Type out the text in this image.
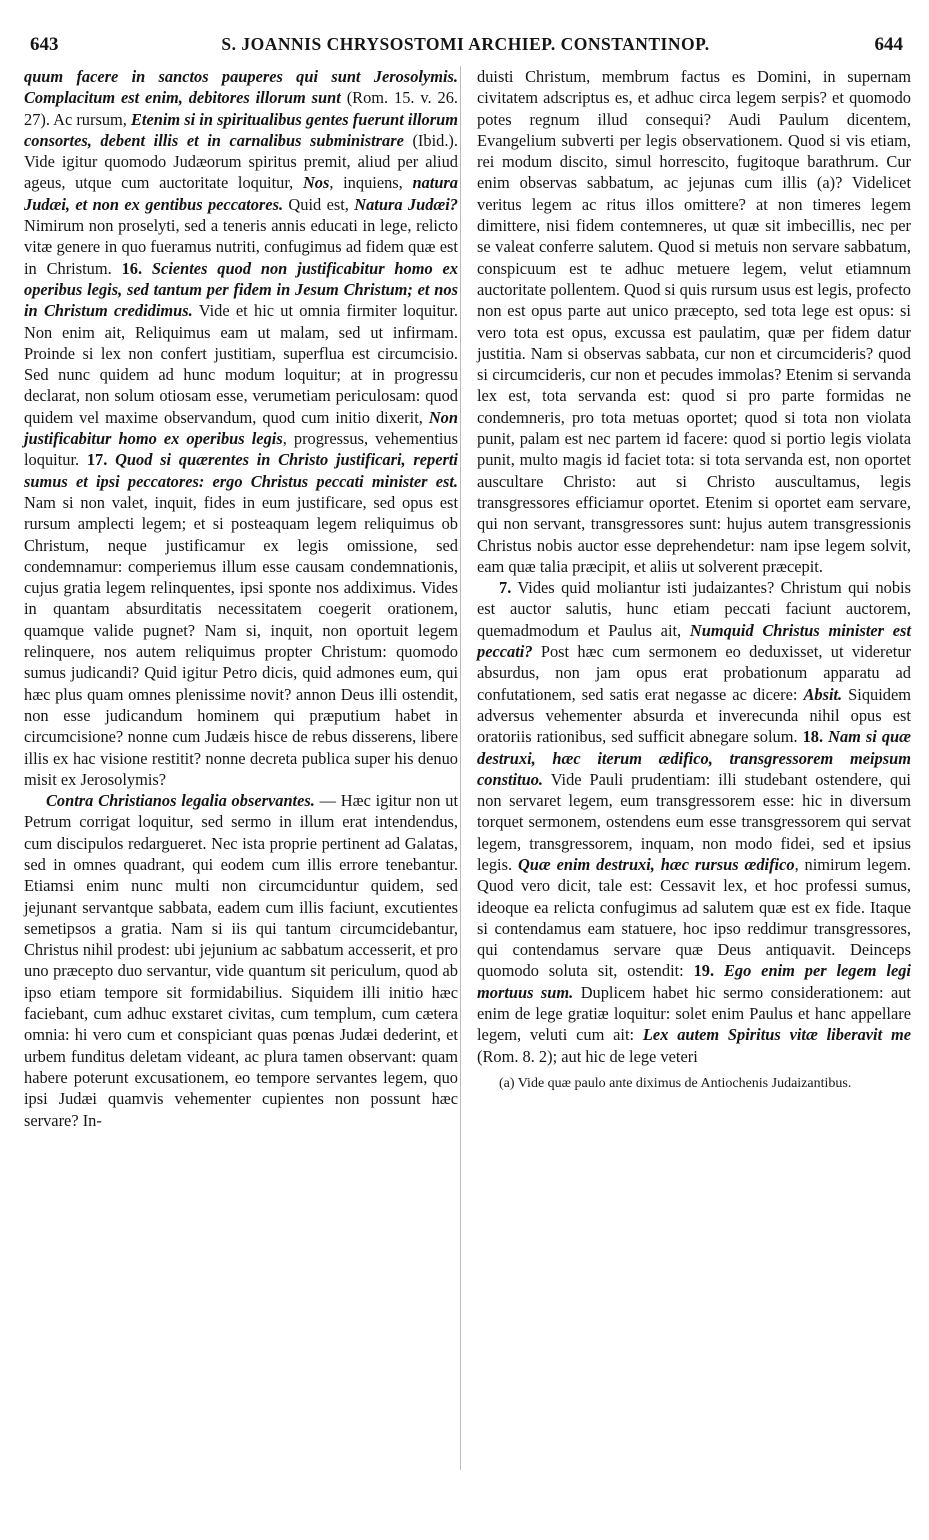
643	S. JOANNIS CHRYSOSTOMI ARCHIEP. CONSTANTINOP.	644

quum facere in sanctos pauperes qui sunt Jerosolymis. Complacitum est enim, debitores illorum sunt (Rom. 15. v. 26. 27). Ac rursum, Etenim si in spiritualibus gentes fuerunt illorum consortes, debent illis et in carnalibus subministrare (Ibid.). Vide igitur quomodo Judæorum spiritus premit, aliud per aliud ageus, utque cum auctoritate loquitur, Nos, inquiens, natura Judæi, et non ex gentibus peccatores. Quid est, Natura Judæi? Nimirum non proselyti, sed a teneris annis educati in lege, relicto vitæ genere in quo fueramus nutriti, confugimus ad fidem quæ est in Christum. 16. Scientes quod non justificabitur homo ex operibus legis, sed tantum per fidem in Jesum Christum; et nos in Christum credidimus. Vide et hic ut omnia firmiter loquitur. Non enim ait, Reliquimus eam ut malam, sed ut infirmam. Proinde si lex non confert justitiam, superflua est circumcisio. Sed nunc quidem ad hunc modum loquitur; at in progressu declarat, non solum otiosam esse, verumetiam periculosam: quod quidem vel maxime observandum, quod cum initio dixerit, Non justificabitur homo ex operibus legis, progressus, vehementius loquitur. 17. Quod si quærentes in Christo justificari, reperti sumus et ipsi peccatores: ergo Christus peccati minister est. Nam si non valet, inquit, fides in eum justificare, sed opus est rursum amplecti legem; et si posteaquam legem reliquimus ob Christum, neque justificamur ex legis omissione, sed condemnamur: comperiemus illum esse causam condemnationis, cujus gratia legem relinquentes, ipsi sponte nos addiximus. Vides in quantam absurditatis necessitatem coegerit orationem, quamque valide pugnet? Nam si, inquit, non oportuit legem relinquere, nos autem reliquimus propter Christum: quomodo sumus judicandi? Quid igitur Petro dicis, quid admones eum, qui hæc plus quam omnes plenissime novit? annon Deus illi ostendit, non esse judicandum hominem qui præputium habet in circumcisione? nonne cum Judæis hisce de rebus disserens, libere illis ex hac visione restitit? nonne decreta publica super his denuo misit ex Jerosolymis?

Contra Christianos legalia observantes. — Hæc igitur non ut Petrum corrigat loquitur, sed sermo in illum erat intendendus, cum discipulos redargueret. Nec ista proprie pertinent ad Galatas, sed in omnes quadrant, qui eodem cum illis errore tenebantur. Etiamsi enim nunc multi non circumciduntur quidem, sed jejunant servantque sabbata, eadem cum illis faciunt, excutientes semetipsos a gratia. Nam si iis qui tantum circumcidebantur, Christus nihil prodest: ubi jejunium ac sabbatum accesserit, et pro uno præcepto duo servantur, vide quantum sit periculum, quod ab ipso etiam tempore sit formidabilius. Siquidem illi initio hæc faciebant, cum adhuc exstaret civitas, cum templum, cum cætera omnia: hi vero cum et conspiciant quas pœnas Judæi dederint, et urbem funditus deletam videant, ac plura tamen observant: quam habere poterunt excusationem, eo tempore servantes legem, quo ipsi Judæi quamvis vehementer cupientes non possunt hæc servare? In-

duisti Christum, membrum factus es Domini, in supernam civitatem adscriptus es, et adhuc circa legem serpis? et quomodo potes regnum illud consequi? Audi Paulum dicentem, Evangelium subverti per legis observationem. Quod si vis etiam, rei modum discito, simul horrescito, fugitoque barathrum. Cur enim observas sabbatum, ac jejunas cum illis (a)? Videlicet veritus legem ac ritus illos omittere? at non timeres legem dimittere, nisi fidem contemneres, ut quæ sit imbecillis, nec per se valeat conferre salutem. Quod si metuis non servare sabbatum, conspicuum est te adhuc metuere legem, velut etiamnum auctoritate pollentem. Quod si quis rursum usus est legis, profecto non est opus parte aut unico præcepto, sed tota lege est opus: si vero tota est opus, excussa est paulatim, quæ per fidem datur justitia. Nam si observas sabbata, cur non et circumcideris? quod si circumcideris, cur non et pecudes immolas? Etenim si servanda lex est, tota servanda est: quod si pro parte formidas ne condemneris, pro tota metuas oportet; quod si tota non violata punit, palam est nec partem id facere: quod si portio legis violata punit, multo magis id faciet tota: si tota servanda est, non oportet auscultare Christo: aut si Christo auscultamus, legis transgressores efficiamur oportet. Etenim si oportet eam servare, qui non servant, transgressores sunt: hujus autem transgressionis Christus nobis auctor esse deprehendetur: nam ipse legem solvit, eam quæ talia præcipit, et aliis ut solverent præcepit.

7. Vides quid moliantur isti judaizantes? Christum qui nobis est auctor salutis, hunc etiam peccati faciunt auctorem, quemadmodum et Paulus ait, Numquid Christus minister est peccati? Post hæc cum sermonem eo deduxisset, ut videretur absurdus, non jam opus erat probationum apparatu ad confutationem, sed satis erat negasse ac dicere: Absit. Siquidem adversus vehementer absurda et inverecunda nihil opus est oratoriis rationibus, sed sufficit abnegare solum. 18. Nam si quæ destruxi, hæc iterum ædifico, transgressorem meipsum constituo. Vide Pauli prudentiam: illi studebant ostendere, qui non servaret legem, eum transgressorem esse: hic in diversum torquet sermonem, ostendens eum esse transgressorem qui servat legem, transgressorem, inquam, non modo fidei, sed et ipsius legis. Quæ enim destruxi, hæc rursus ædifico, nimirum legem. Quod vero dicit, tale est: Cessavit lex, et hoc professi sumus, ideoque ea relicta confugimus ad salutem quæ est ex fide. Itaque si contendamus eam statuere, hoc ipso reddimur transgressores, qui contendamus servare quæ Deus antiquavit. Deinceps quomodo soluta sit, ostendit: 19. Ego enim per legem legi mortuus sum. Duplicem habet hic sermo considerationem: aut enim de lege gratiæ loquitur: solet enim Paulus et hanc appellare legem, veluti cum ait: Lex autem Spiritus vitæ liberavit me (Rom. 8. 2); aut hic de lege veteri

(a) Vide quæ paulo ante diximus de Antiochenis Judaizantibus.
